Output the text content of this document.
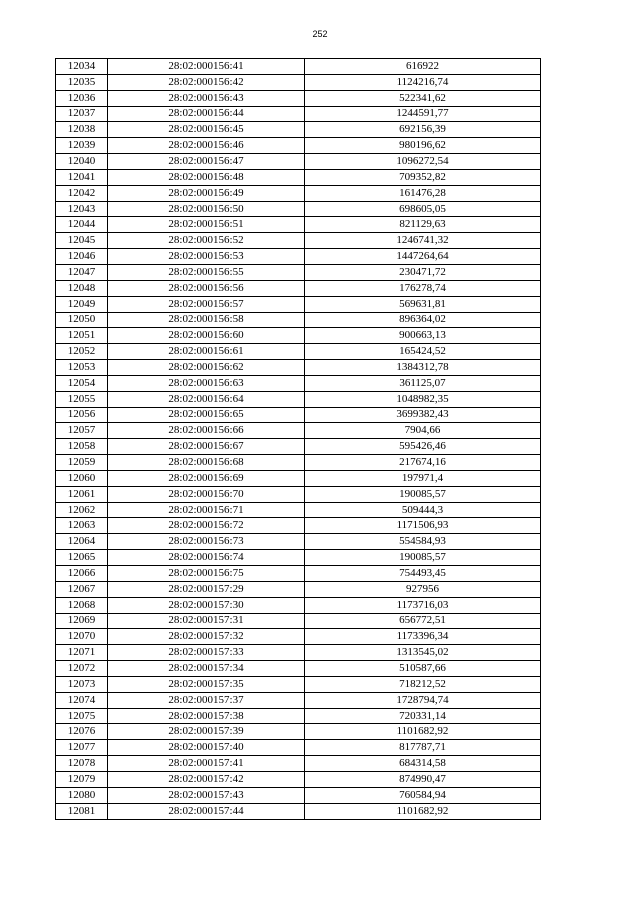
252
12034	28:02:000156:41	616922
12035	28:02:000156:42	1124216,74
12036	28:02:000156:43	522341,62
12037	28:02:000156:44	1244591,77
12038	28:02:000156:45	692156,39
12039	28:02:000156:46	980196,62
12040	28:02:000156:47	1096272,54
12041	28:02:000156:48	709352,82
12042	28:02:000156:49	161476,28
12043	28:02:000156:50	698605,05
12044	28:02:000156:51	821129,63
12045	28:02:000156:52	1246741,32
12046	28:02:000156:53	1447264,64
12047	28:02:000156:55	230471,72
12048	28:02:000156:56	176278,74
12049	28:02:000156:57	569631,81
12050	28:02:000156:58	896364,02
12051	28:02:000156:60	900663,13
12052	28:02:000156:61	165424,52
12053	28:02:000156:62	1384312,78
12054	28:02:000156:63	361125,07
12055	28:02:000156:64	1048982,35
12056	28:02:000156:65	3699382,43
12057	28:02:000156:66	7904,66
12058	28:02:000156:67	595426,46
12059	28:02:000156:68	217674,16
12060	28:02:000156:69	197971,4
12061	28:02:000156:70	190085,57
12062	28:02:000156:71	509444,3
12063	28:02:000156:72	1171506,93
12064	28:02:000156:73	554584,93
12065	28:02:000156:74	190085,57
12066	28:02:000156:75	754493,45
12067	28:02:000157:29	927956
12068	28:02:000157:30	1173716,03
12069	28:02:000157:31	656772,51
12070	28:02:000157:32	1173396,34
12071	28:02:000157:33	1313545,02
12072	28:02:000157:34	510587,66
12073	28:02:000157:35	718212,52
12074	28:02:000157:37	1728794,74
12075	28:02:000157:38	720331,14
12076	28:02:000157:39	1101682,92
12077	28:02:000157:40	817787,71
12078	28:02:000157:41	684314,58
12079	28:02:000157:42	874990,47
12080	28:02:000157:43	760584,94
12081	28:02:000157:44	1101682,92
